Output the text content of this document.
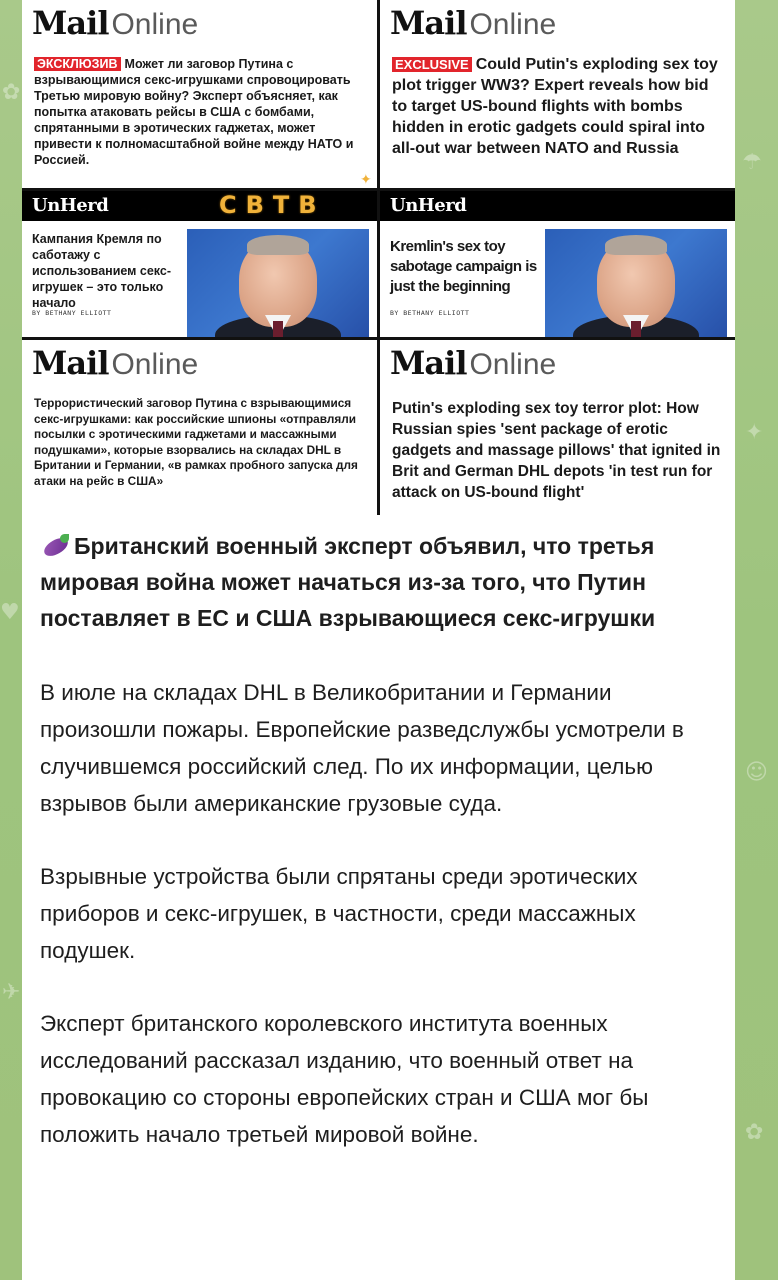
✿
☂
✦
♥
☺
✈
✿
Mail Online
ЭКСКЛЮЗИВ Может ли заговор Путина с взрывающимися секс-игрушками спровоцировать Третью мировую войну? Эксперт объясняет, как попытка атаковать рейсы в США с бомбами, спрятанными в эротических гаджетах, может привести к полномасштабной войне между НАТО и Россией.
Mail Online
EXCLUSIVE Could Putin's exploding sex toy plot trigger WW3? Expert reveals how bid to target US-bound flights with bombs hidden in erotic gadgets could spiral into all-out war between NATO and Russia
UnHerd
Кампания Кремля по саботажу с использованием секс-игрушек – это только начало
BY BETHANY ELLIOTT
UnHerd
Kremlin's sex toy sabotage campaign is just the beginning
BY BETHANY ELLIOTT
СВТВ
✦
Mail Online
Террористический заговор Путина с взрывающимися секс-игрушками: как российские шпионы «отправляли посылки с эротическими гаджетами и массажными подушками», которые взорвались на складах DHL в Британии и Германии, «в рамках пробного запуска для атаки на рейс в США»
Mail Online
Putin's exploding sex toy terror plot: How Russian spies 'sent package of erotic gadgets and massage pillows' that ignited in Brit and German DHL depots 'in test run for attack on US-bound flight'

Британский военный эксперт объявил, что третья мировая война может начаться из-за того, что Путин поставляет в ЕС и США взрывающиеся секс-игрушки

В июле на складах DHL в Великобритании и Германии произошли пожары. Европейские разведслужбы усмотрели в случившемся российский след. По их информации, целью взрывов были американские грузовые суда.

Взрывные устройства были спрятаны среди эротических приборов и секс-игрушек, в частности, среди массажных подушек.

Эксперт британского королевского института военных исследований рассказал изданию, что военный ответ на провокацию со стороны европейских стран и США мог бы положить начало третьей мировой войне.
